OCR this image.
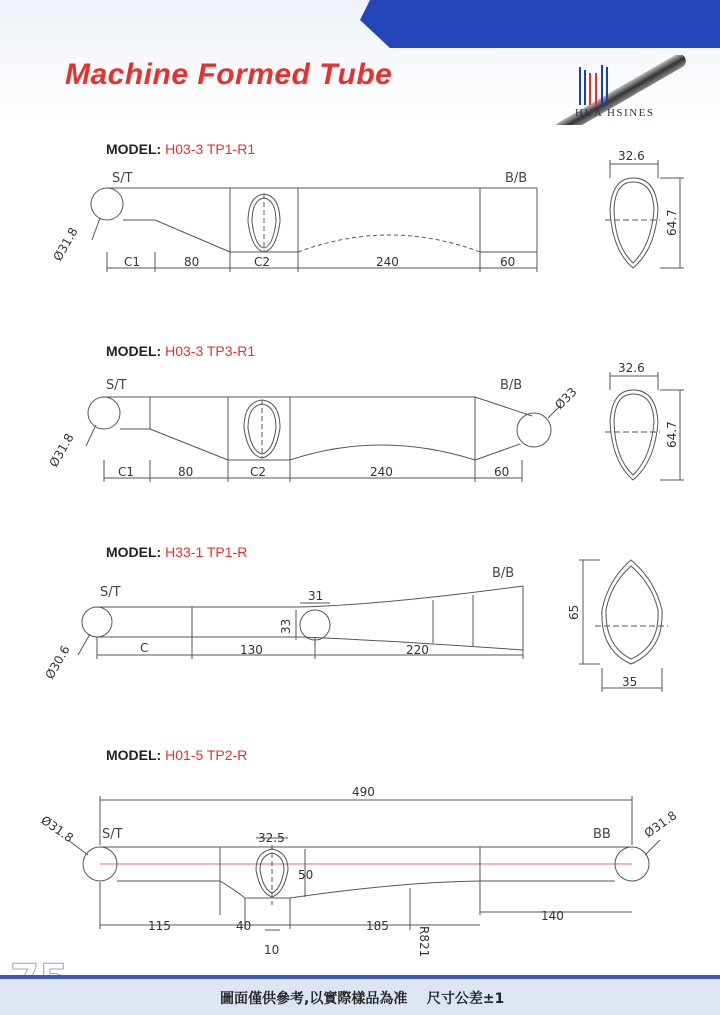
Machine Formed Tube
HUA HSINES
MODEL: H03-3 TP1-R1
MODEL: H03-3 TP3-R1
MODEL: H33-1 TP1-R
MODEL: H01-5 TP2-R
S/T	B/B
Ø31.8	C1	80	C2	240	60
32.6
64.7
S/T	B/B
Ø31.8
Ø33
C1	80	C2	240	60
32.6
64.7
S/T
B/B
Ø30.6
31
33
C	130	220
65
35
490
S/T	BB
Ø31.8	Ø31.8
32.5
50
115	40	185
140
10	R821
圖面僅供參考,以實際樣品為准    尺寸公差±1
